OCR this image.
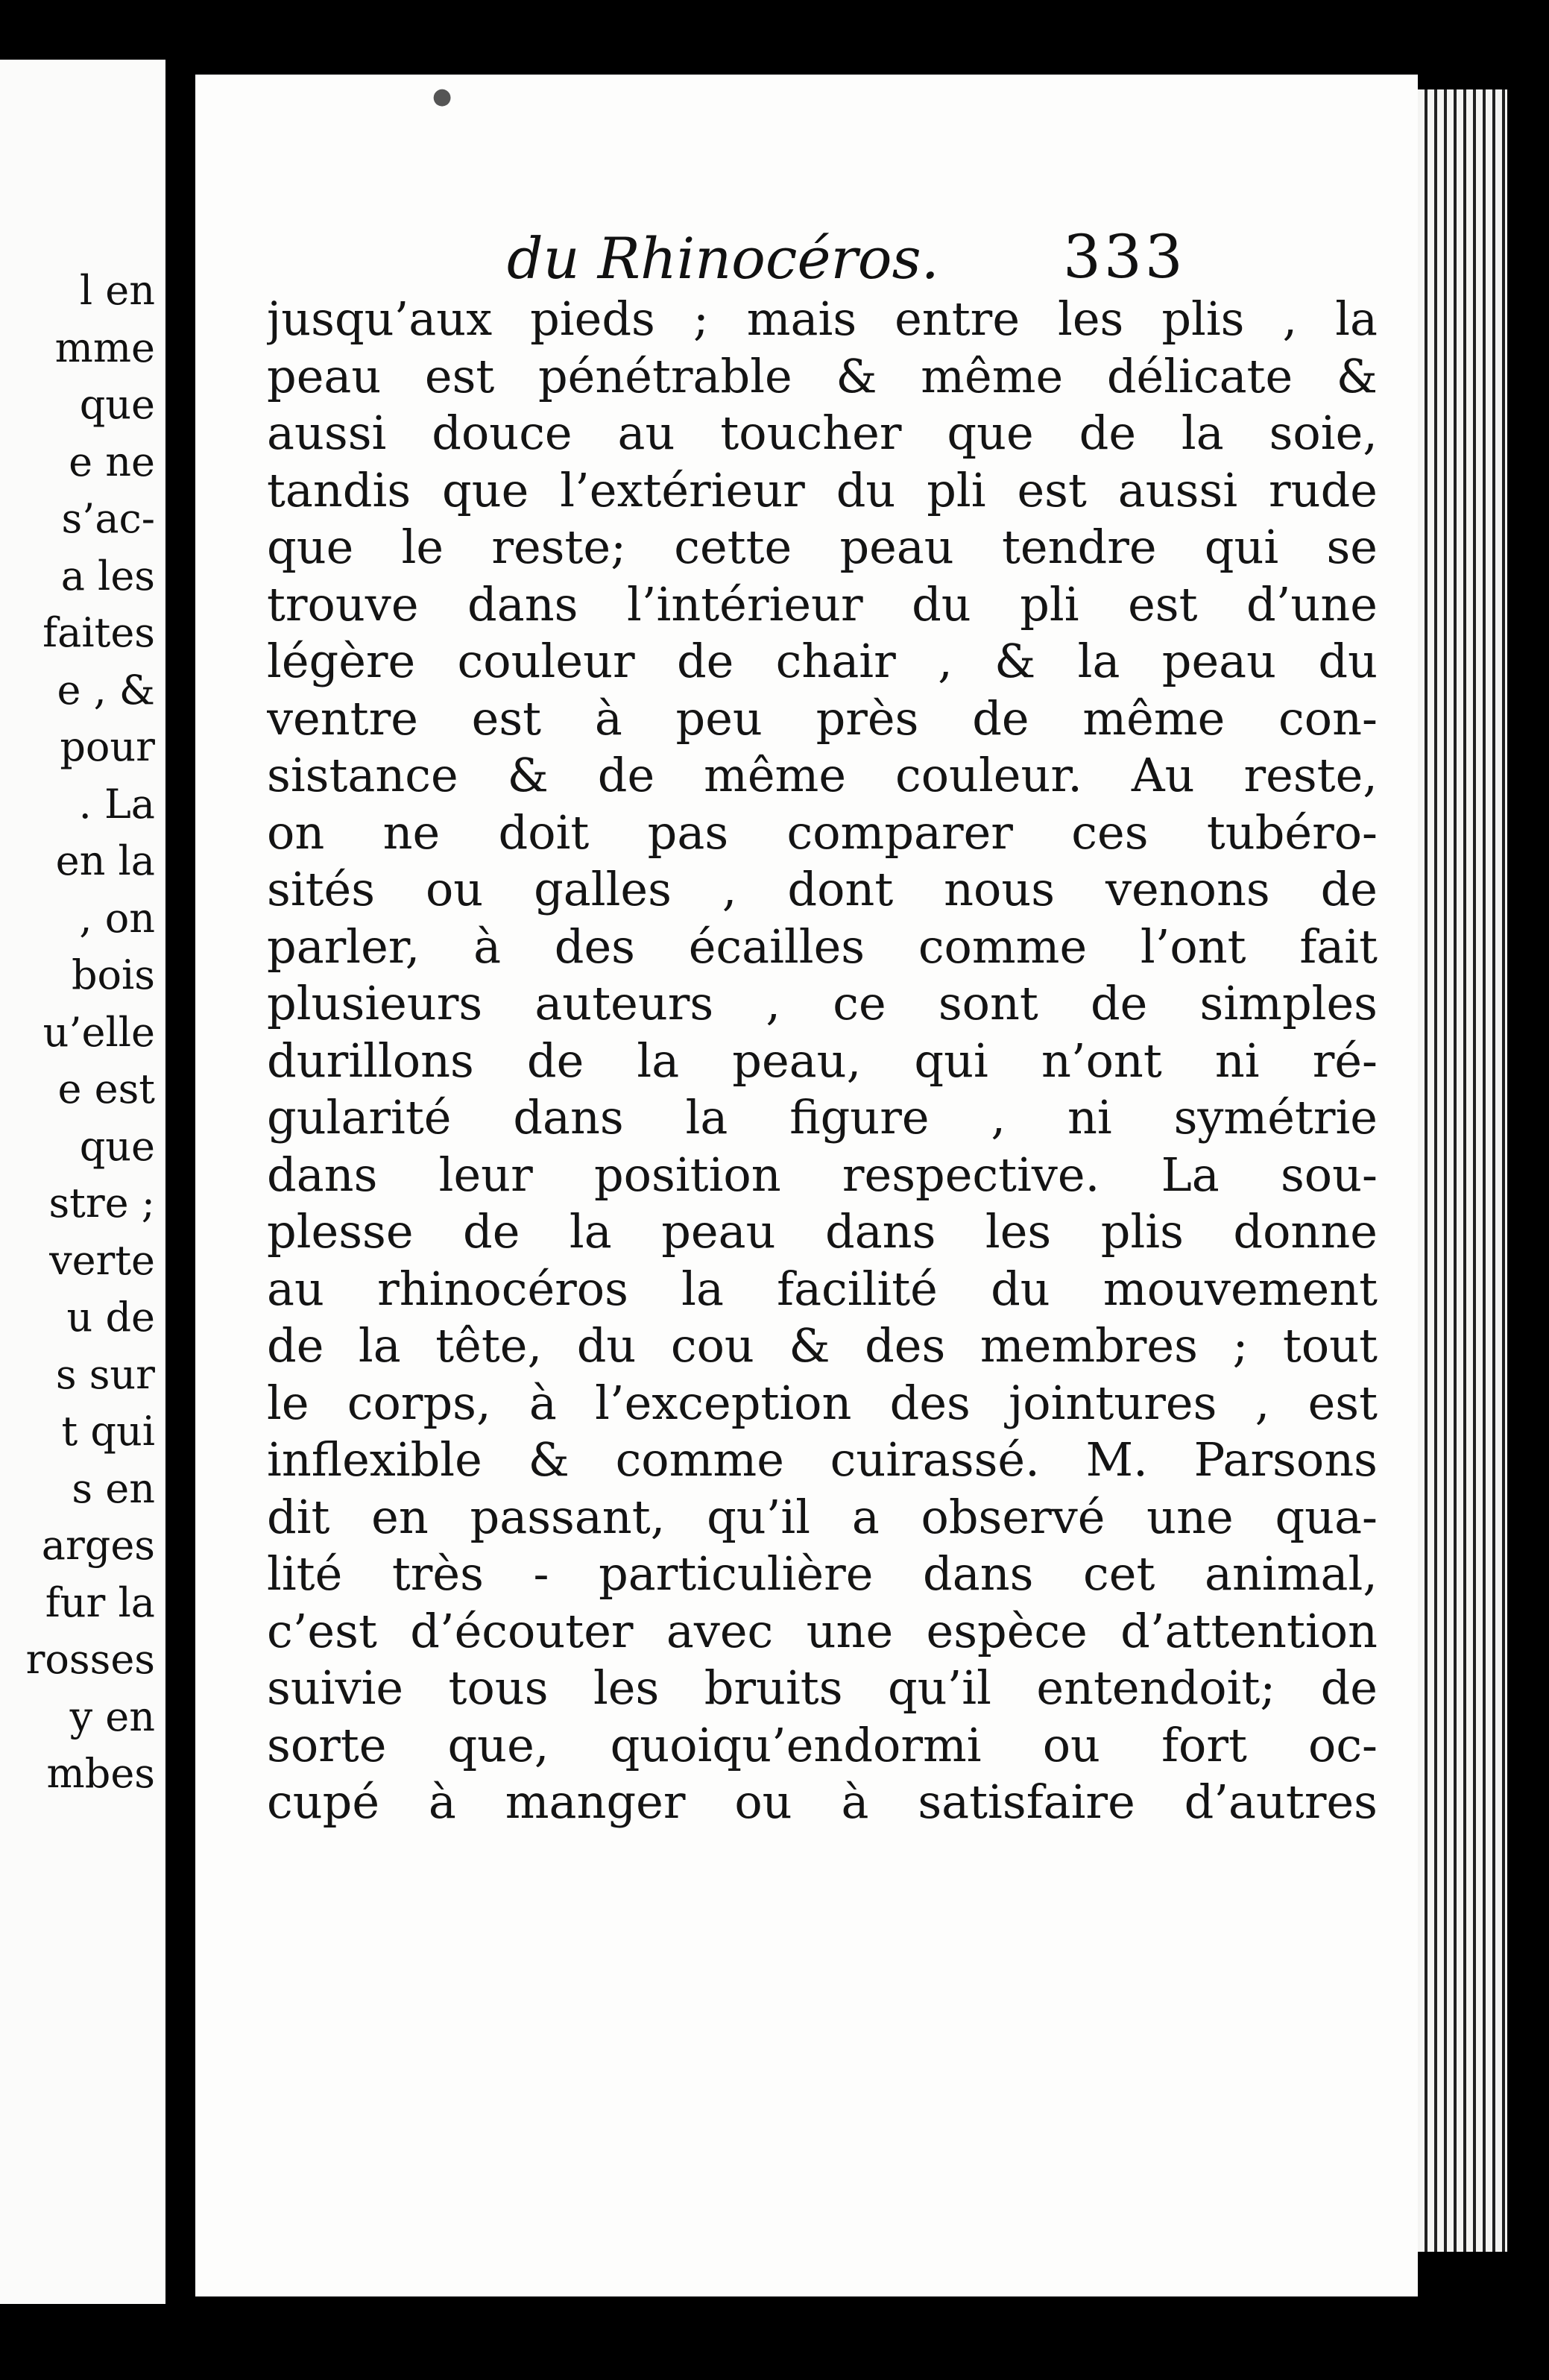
l en
mme
que
e ne
s’ac-
a les
faites
e , &
pour
. La
en la
, on
bois
u’elle
e est
que
stre ;
verte
u de
s sur
t qui
s en
arges
fur la
rosses
y en
mbes
●
du Rhinocéros. 333
jusqu’aux pieds ; mais entre les plis , la
peau est pénétrable & même délicate &
aussi douce au toucher que de la soie,
tandis que l’extérieur du pli est aussi rude
que le reste; cette peau tendre qui se
trouve dans l’intérieur du pli est d’une
légère couleur de chair , & la peau du
ventre est à peu près de même con-
sistance & de même couleur. Au reste,
on ne doit pas comparer ces tubéro-
sités ou galles , dont nous venons de
parler, à des écailles comme l’ont fait
plusieurs auteurs , ce sont de simples
durillons de la peau, qui n’ont ni ré-
gularité dans la figure , ni symétrie
dans leur position respective. La sou-
plesse de la peau dans les plis donne
au rhinocéros la facilité du mouvement
de la tête, du cou & des membres ; tout
le corps, à l’exception des jointures , est
inflexible & comme cuirassé. M. Parsons
dit en passant, qu’il a observé une qua-
lité très - particulière dans cet animal,
c’est d’écouter avec une espèce d’attention
suivie tous les bruits qu’il entendoit; de
sorte que, quoiqu’endormi ou fort oc-
cupé à manger ou à satisfaire d’autres
